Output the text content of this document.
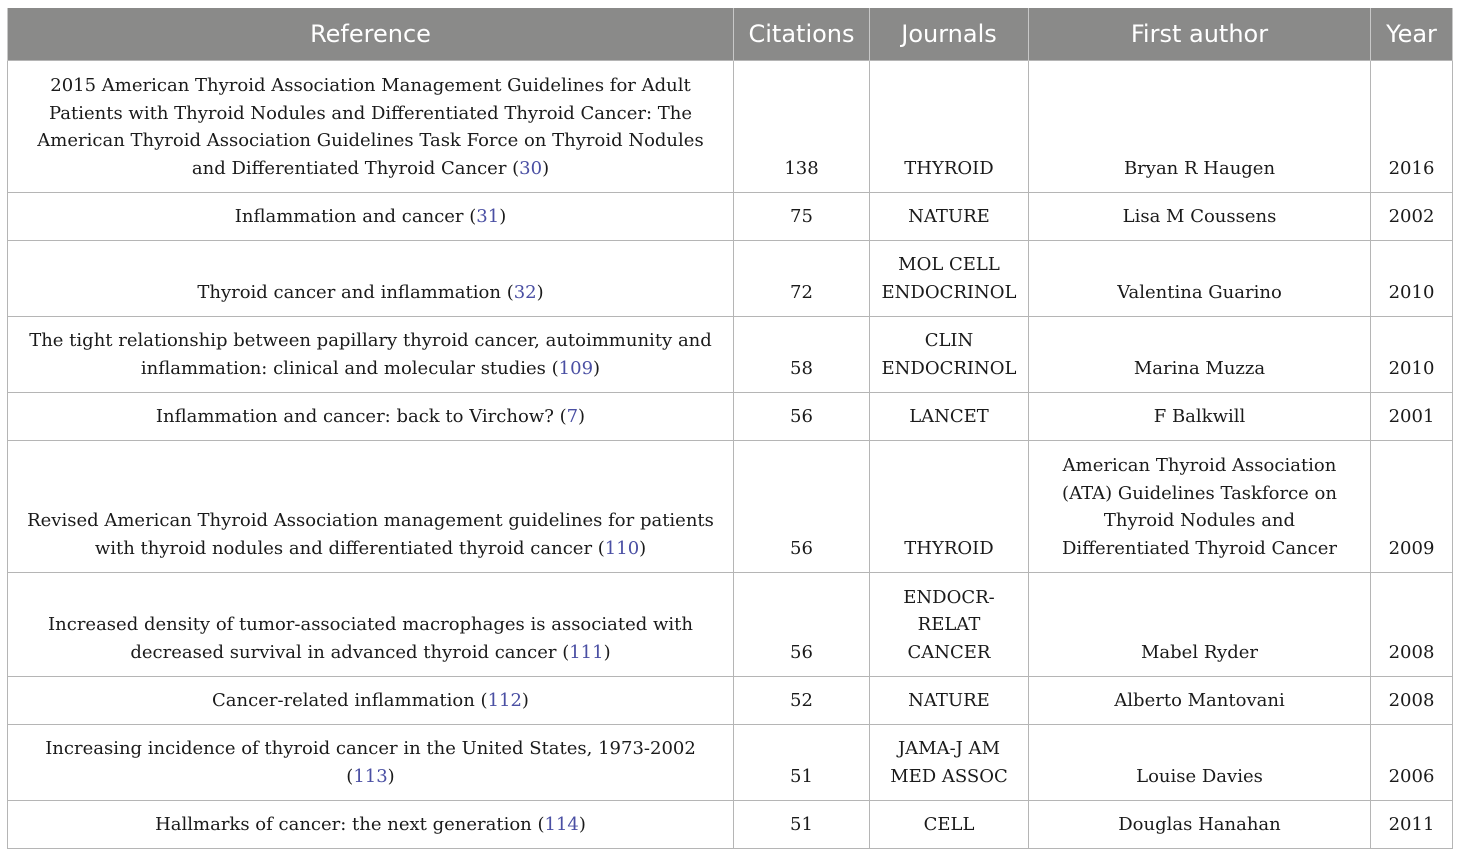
Reference	Citations	Journals	First author	Year
2015 American Thyroid Association Management Guidelines for Adult Patients with Thyroid Nodules and Differentiated Thyroid Cancer: The American Thyroid Association Guidelines Task Force on Thyroid Nodules and Differentiated Thyroid Cancer (30)	138	THYROID	Bryan R Haugen	2016
Inflammation and cancer (31)	75	NATURE	Lisa M Coussens	2002
Thyroid cancer and inflammation (32)	72	MOL CELL ENDOCRINOL	Valentina Guarino	2010
The tight relationship between papillary thyroid cancer, autoimmunity and inflammation: clinical and molecular studies (109)	58	CLIN ENDOCRINOL	Marina Muzza	2010
Inflammation and cancer: back to Virchow? (7)	56	LANCET	F Balkwill	2001
Revised American Thyroid Association management guidelines for patients with thyroid nodules and differentiated thyroid cancer (110)	56	THYROID	American Thyroid Association (ATA) Guidelines Taskforce on Thyroid Nodules and Differentiated Thyroid Cancer	2009
Increased density of tumor-associated macrophages is associated with decreased survival in advanced thyroid cancer (111)	56	ENDOCR-RELAT CANCER	Mabel Ryder	2008
Cancer-related inflammation (112)	52	NATURE	Alberto Mantovani	2008
Increasing incidence of thyroid cancer in the United States, 1973-2002 (113)	51	JAMA-J AM MED ASSOC	Louise Davies	2006
Hallmarks of cancer: the next generation (114)	51	CELL	Douglas Hanahan	2011
